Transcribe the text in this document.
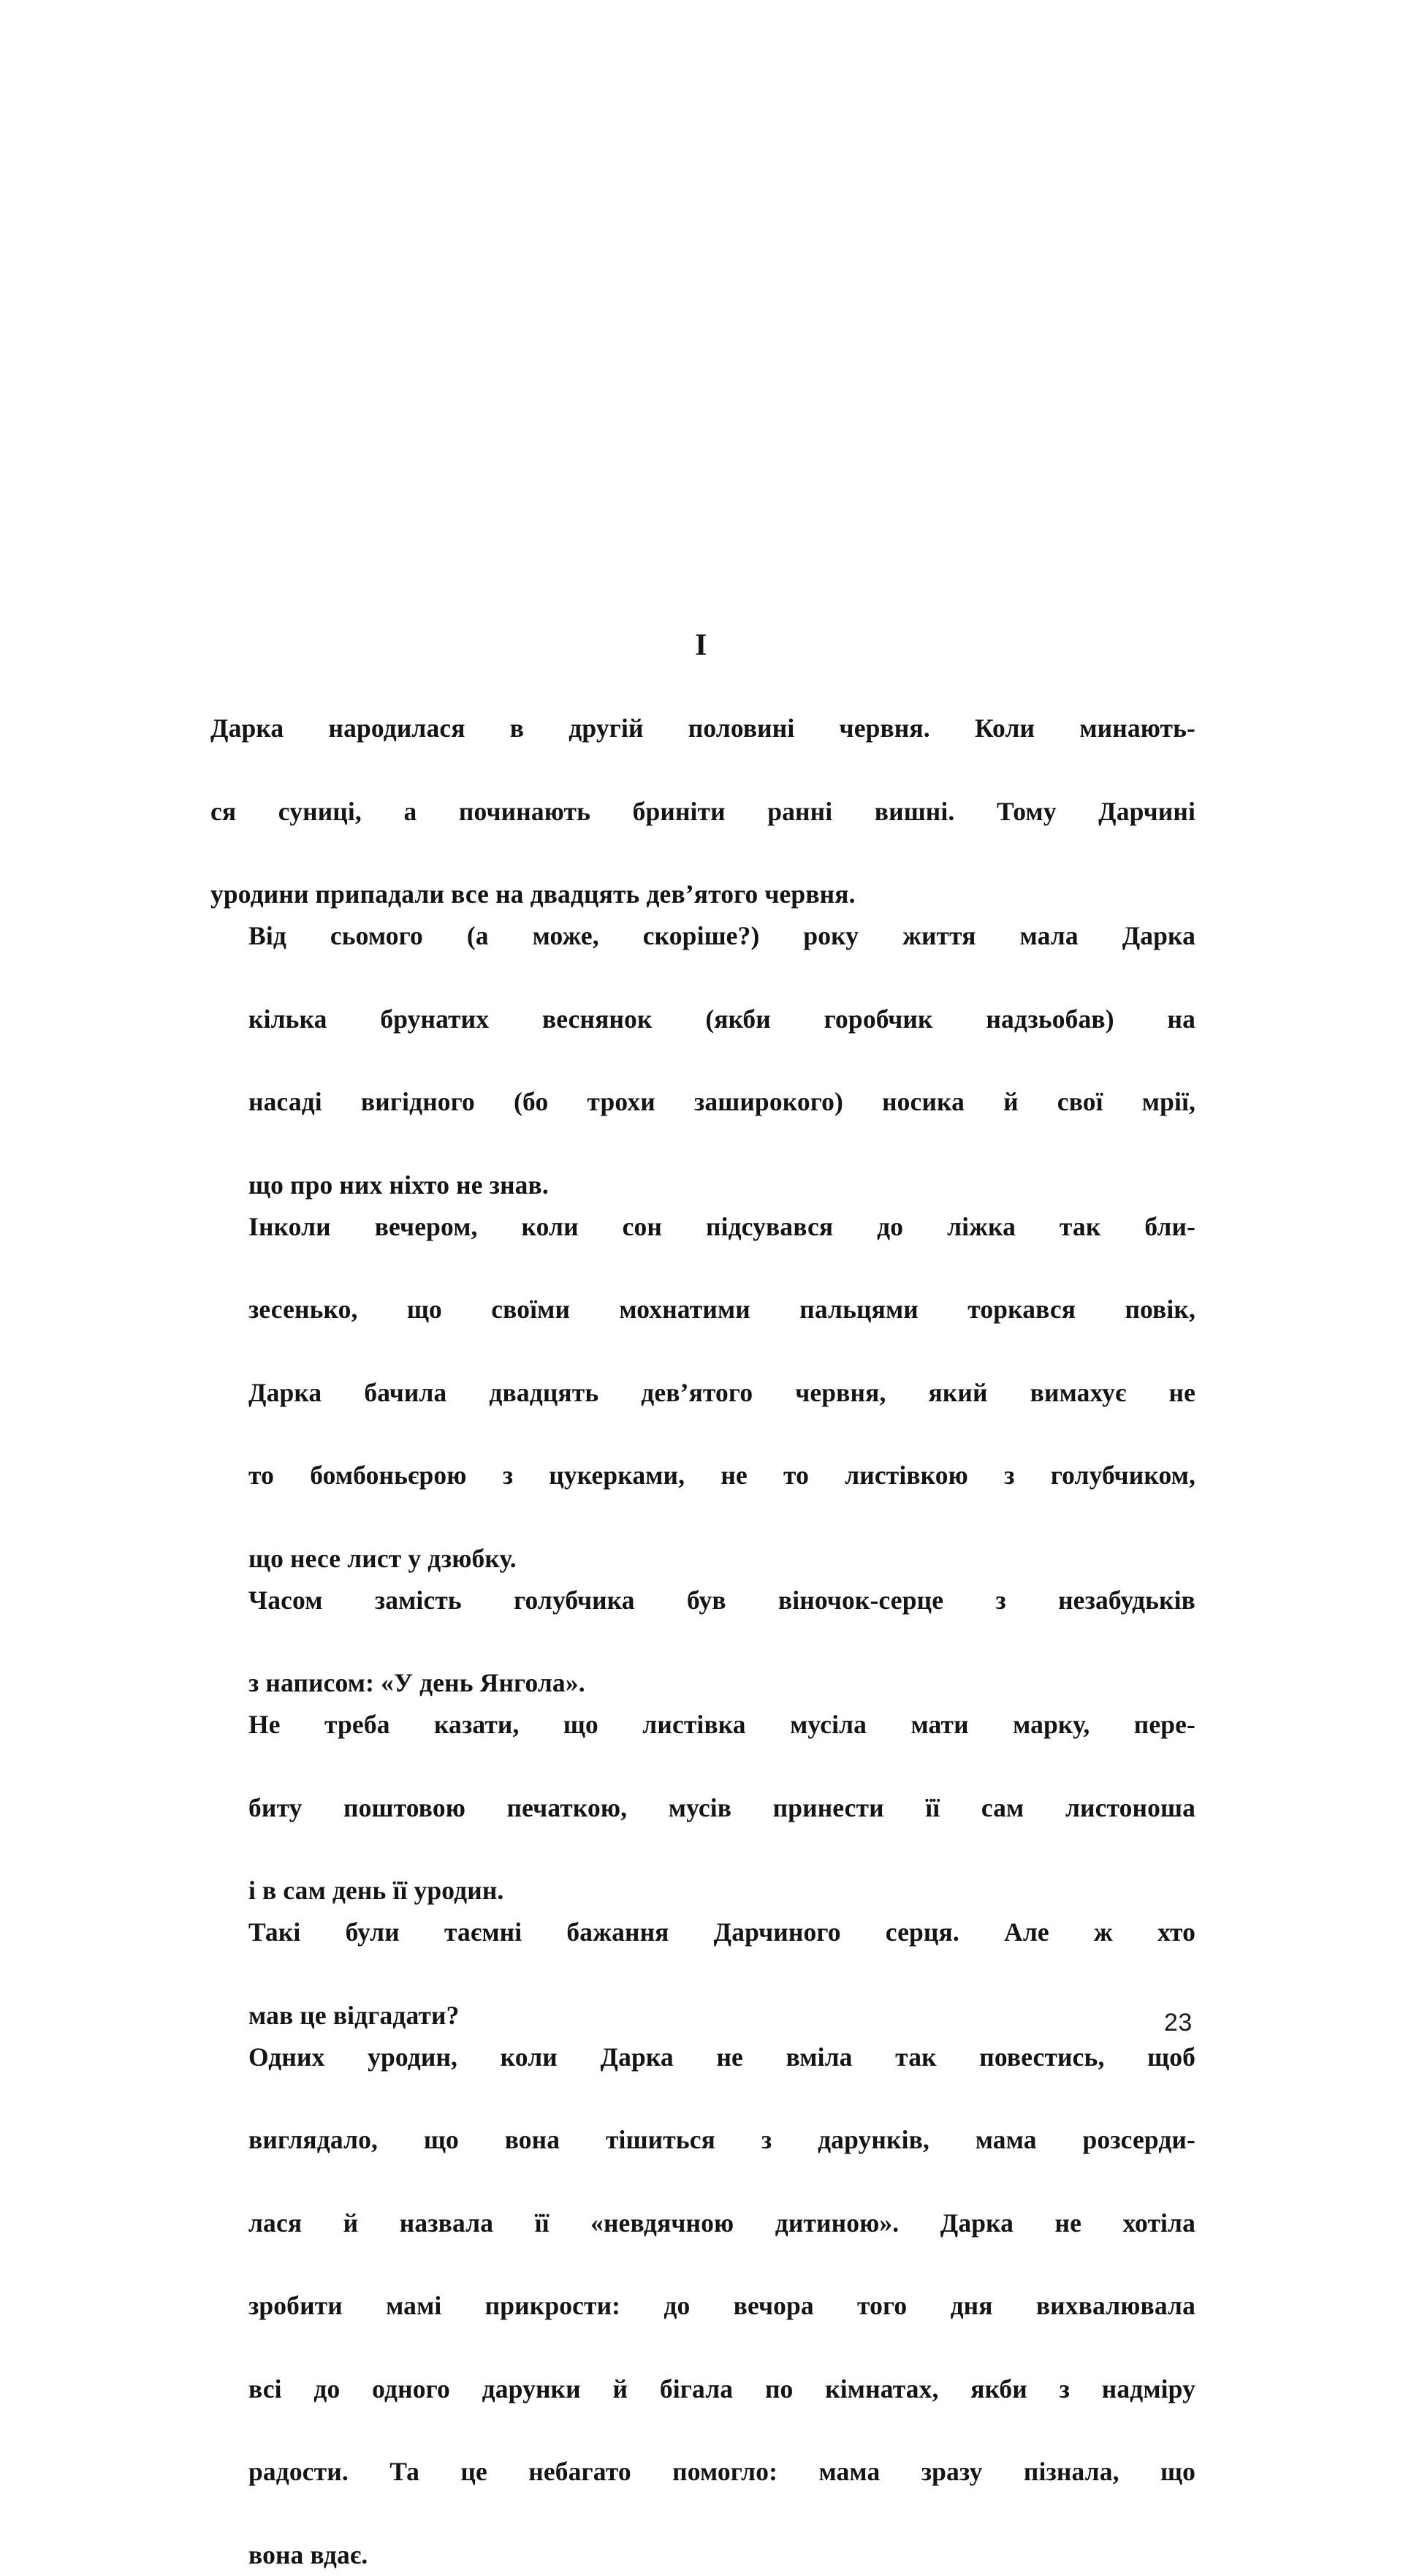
I

Дарка народилася в другій половині червня. Коли минають-
ся суниці, а починають бриніти ранні вишні. Тому Дарчині
уродини припадали все на двадцять дев’ятого червня.

Від сьомого (а може, скоріше?) року життя мала Дарка
кілька брунатих веснянок (якби горобчик надзьобав) на
насаді вигідного (бо трохи заширокого) носика й свої мрії,
що про них ніхто не знав.

Інколи вечером, коли сон підсувався до ліжка так бли-
зесенько, що своїми мохнатими пальцями торкався повік,
Дарка бачила двадцять дев’ятого червня, який вимахує не
то бомбоньєрою з цукерками, не то листівкою з голубчиком,
що несе лист у дзюбку.

Часом замість голубчика був віночок-серце з незабудьків
з написом: «У день Янгола».

Не треба казати, що листівка мусіла мати марку, пере-
биту поштовою печаткою, мусів принести її сам листоноша
і в сам день її уродин.

Такі були таємні бажання Дарчиного серця. Але ж хто
мав це відгадати?

Одних уродин, коли Дарка не вміла так повестись, щоб
виглядало, що вона тішиться з дарунків, мама розсерди-
лася й назвала її «невдячною дитиною». Дарка не хотіла
зробити мамі прикрости: до вечора того дня вихвалювала
всі до одного дарунки й бігала по кімнатах, якби з надміру
радости. Та це небагато помогло: мама зразу пізнала, що
вона вдає.

23
